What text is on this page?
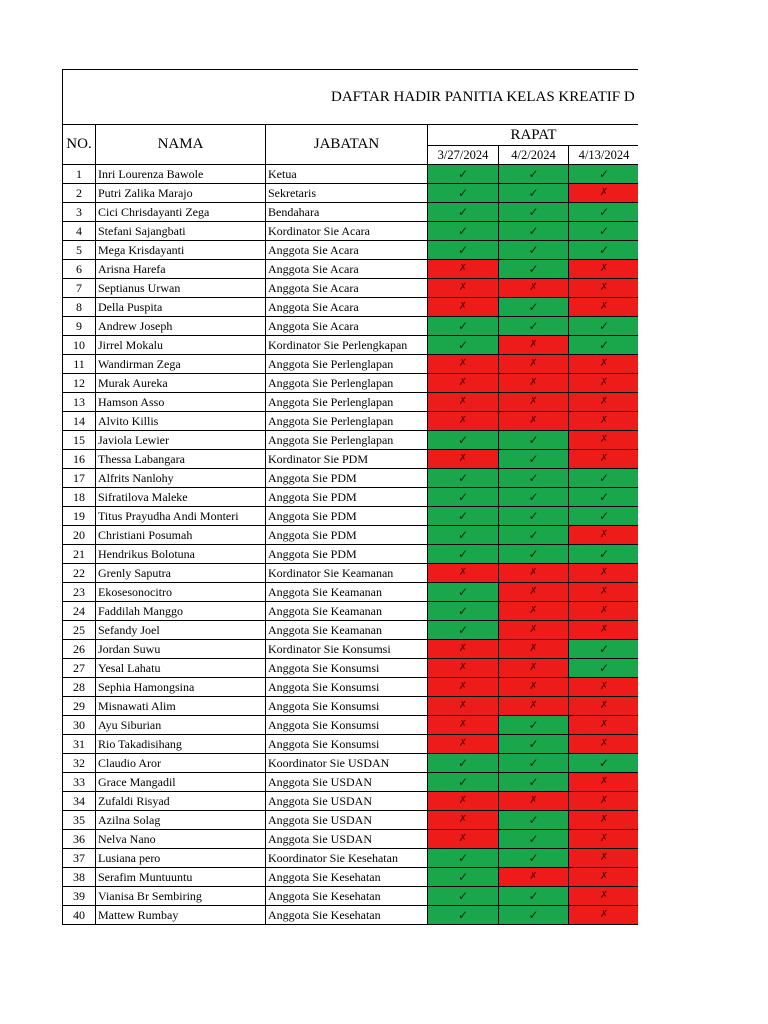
DAFTAR HADIR PANITIA KELAS KREATIF D					
NO.	NAMA	JABATAN	RAPAT		
			3/27/2024	4/2/2024	4/13/2024
1	Inri Lourenza Bawole	Ketua	✓	✓	✓
2	Putri Zalika Marajo	Sekretaris	✓	✓	✗
3	Cici Chrisdayanti Zega	Bendahara	✓	✓	✓
4	Stefani Sajangbati	Kordinator Sie Acara	✓	✓	✓
5	Mega Krisdayanti	Anggota Sie Acara	✓	✓	✓
6	Arisna Harefa	Anggota Sie Acara	✗	✓	✗
7	Septianus Urwan	Anggota Sie Acara	✗	✗	✗
8	Della Puspita	Anggota Sie Acara	✗	✓	✗
9	Andrew Joseph	Anggota Sie Acara	✓	✓	✓
10	Jirrel Mokalu	Kordinator Sie Perlengkapan	✓	✗	✓
11	Wandirman Zega	Anggota Sie Perlenglapan	✗	✗	✗
12	Murak Aureka	Anggota Sie Perlenglapan	✗	✗	✗
13	Hamson Asso	Anggota Sie Perlenglapan	✗	✗	✗
14	Alvito Killis	Anggota Sie Perlenglapan	✗	✗	✗
15	Javiola Lewier	Anggota Sie Perlenglapan	✓	✓	✗
16	Thessa Labangara	Kordinator Sie PDM	✗	✓	✗
17	Alfrits Nanlohy	Anggota Sie PDM	✓	✓	✓
18	Sifratilova Maleke	Anggota Sie PDM	✓	✓	✓
19	Titus Prayudha Andi Monteri	Anggota Sie PDM	✓	✓	✓
20	Christiani Posumah	Anggota Sie PDM	✓	✓	✗
21	Hendrikus Bolotuna	Anggota Sie PDM	✓	✓	✓
22	Grenly Saputra	Kordinator Sie Keamanan	✗	✗	✗
23	Ekosesonocitro	Anggota Sie Keamanan	✓	✗	✗
24	Faddilah Manggo	Anggota Sie Keamanan	✓	✗	✗
25	Sefandy Joel	Anggota Sie Keamanan	✓	✗	✗
26	Jordan Suwu	Kordinator Sie Konsumsi	✗	✗	✓
27	Yesal Lahatu	Anggota Sie Konsumsi	✗	✗	✓
28	Sephia Hamongsina	Anggota Sie Konsumsi	✗	✗	✗
29	Misnawati Alim	Anggota Sie Konsumsi	✗	✗	✗
30	Ayu Siburian	Anggota Sie Konsumsi	✗	✓	✗
31	Rio Takadisihang	Anggota Sie Konsumsi	✗	✓	✗
32	Claudio Aror	Koordinator Sie USDAN	✓	✓	✓
33	Grace Mangadil	Anggota Sie USDAN	✓	✓	✗
34	Zufaldi Risyad	Anggota Sie USDAN	✗	✗	✗
35	Azilna Solag	Anggota Sie USDAN	✗	✓	✗
36	Nelva Nano	Anggota Sie USDAN	✗	✓	✗
37	Lusiana pero	Koordinator Sie Kesehatan	✓	✓	✗
38	Serafim Muntuuntu	Anggota Sie Kesehatan	✓	✗	✗
39	Vianisa Br Sembiring	Anggota Sie Kesehatan	✓	✓	✗
40	Mattew Rumbay	Anggota Sie Kesehatan	✓	✓	✗
